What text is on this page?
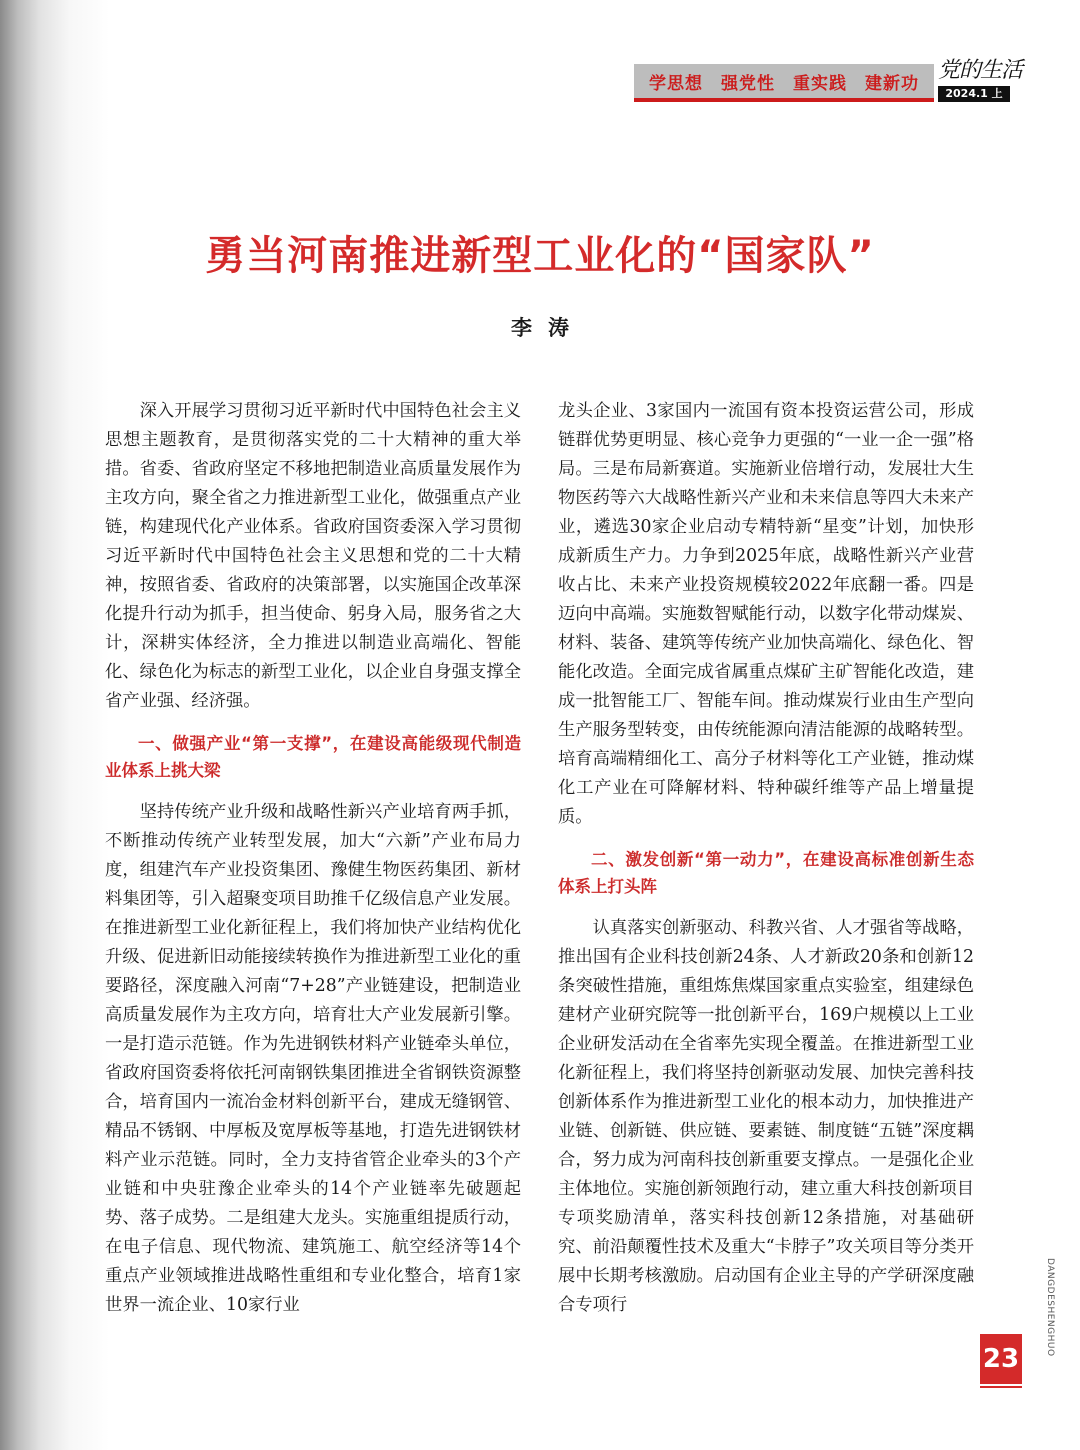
学思想 强党性 重实践 建新功
党的生活
2024.1 上
勇当河南推进新型工业化的“国家队”
李涛

深入开展学习贯彻习近平新时代中国特色社会主义思想主题教育，是贯彻落实党的二十大精神的重大举措。省委、省政府坚定不移地把制造业高质量发展作为主攻方向，聚全省之力推进新型工业化，做强重点产业链，构建现代化产业体系。省政府国资委深入学习贯彻习近平新时代中国特色社会主义思想和党的二十大精神，按照省委、省政府的决策部署，以实施国企改革深化提升行动为抓手，担当使命、躬身入局，服务省之大计，深耕实体经济，全力推进以制造业高端化、智能化、绿色化为标志的新型工业化，以企业自身强支撑全省产业强、经济强。

一、做强产业“第一支撑”，在建设高能级现代制造业体系上挑大梁

坚持传统产业升级和战略性新兴产业培育两手抓，不断推动传统产业转型发展，加大“六新”产业布局力度，组建汽车产业投资集团、豫健生物医药集团、新材料集团等，引入超聚变项目助推千亿级信息产业发展。在推进新型工业化新征程上，我们将加快产业结构优化升级、促进新旧动能接续转换作为推进新型工业化的重要路径，深度融入河南“7+28”产业链建设，把制造业高质量发展作为主攻方向，培育壮大产业发展新引擎。一是打造示范链。作为先进钢铁材料产业链牵头单位，省政府国资委将依托河南钢铁集团推进全省钢铁资源整合，培育国内一流冶金材料创新平台，建成无缝钢管、精品不锈钢、中厚板及宽厚板等基地，打造先进钢铁材料产业示范链。同时，全力支持省管企业牵头的3个产业链和中央驻豫企业牵头的14个产业链率先破题起势、落子成势。二是组建大龙头。实施重组提质行动，在电子信息、现代物流、建筑施工、航空经济等14个重点产业领域推进战略性重组和专业化整合，培育1家世界一流企业、10家行业

龙头企业、3家国内一流国有资本投资运营公司，形成链群优势更明显、核心竞争力更强的“一业一企一强”格局。三是布局新赛道。实施新业倍增行动，发展壮大生物医药等六大战略性新兴产业和未来信息等四大未来产业，遴选30家企业启动专精特新“星变”计划，加快形成新质生产力。力争到2025年底，战略性新兴产业营收占比、未来产业投资规模较2022年底翻一番。四是迈向中高端。实施数智赋能行动，以数字化带动煤炭、材料、装备、建筑等传统产业加快高端化、绿色化、智能化改造。全面完成省属重点煤矿主矿智能化改造，建成一批智能工厂、智能车间。推动煤炭行业由生产型向生产服务型转变，由传统能源向清洁能源的战略转型。培育高端精细化工、高分子材料等化工产业链，推动煤化工产业在可降解材料、特种碳纤维等产品上增量提质。

二、激发创新“第一动力”，在建设高标准创新生态体系上打头阵

认真落实创新驱动、科教兴省、人才强省等战略，推出国有企业科技创新24条、人才新政20条和创新12条突破性措施，重组炼焦煤国家重点实验室，组建绿色建材产业研究院等一批创新平台，169户规模以上工业企业研发活动在全省率先实现全覆盖。在推进新型工业化新征程上，我们将坚持创新驱动发展、加快完善科技创新体系作为推进新型工业化的根本动力，加快推进产业链、创新链、供应链、要素链、制度链“五链”深度耦合，努力成为河南科技创新重要支撑点。一是强化企业主体地位。实施创新领跑行动，建立重大科技创新项目专项奖励清单，落实科技创新12条措施，对基础研究、前沿颠覆性技术及重大“卡脖子”攻关项目等分类开展中长期考核激励。启动国有企业主导的产学研深度融合专项行	DANGDESHENGHUO
23
